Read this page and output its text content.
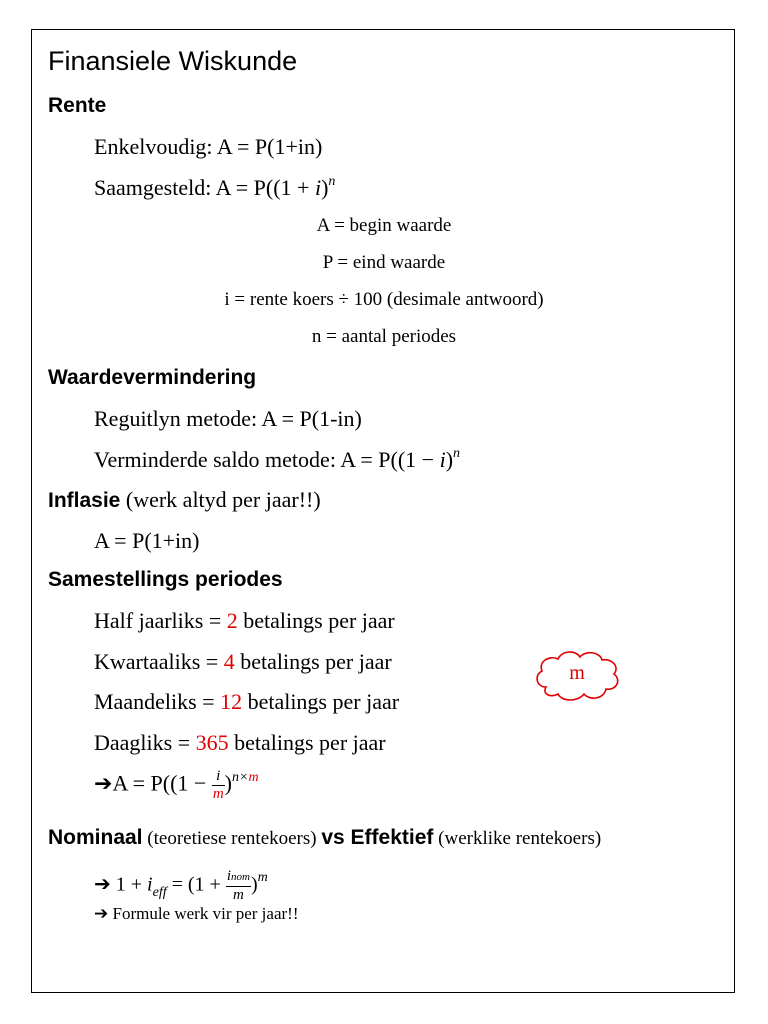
Finansiele Wiskunde
Rente
Enkelvoudig: A = P(1+in)
Saamgesteld: $A = P((1 + i)^n$
A = begin waarde
P = eind waarde
i = rente koers ÷ 100 (desimale antwoord)
n = aantal periodes
Waardevermindering
Reguitlyn metode: A = P(1-in)
Verminderde saldo metode: $A = P((1 - i)^n$
Inflasie (werk altyd per jaar!!)
A = P(1+in)
Samestellings periodes
Half jaarliks = 2 betalings per jaar
Kwartaaliks = 4 betalings per jaar
Maandeliks = 12 betalings per jaar
Daagliks = 365 betalings per jaar
m
➔A = $P((1 - \frac{i}{m} )^{n\times m}$
Nominaal (teoretiese rentekoers) vs Effektief (werklike rentekoers)
➔ $1 + i_{eff} = (1 + \frac{\text{inom}}{m} )^m$
➔ Formule werk vir per jaar!!
